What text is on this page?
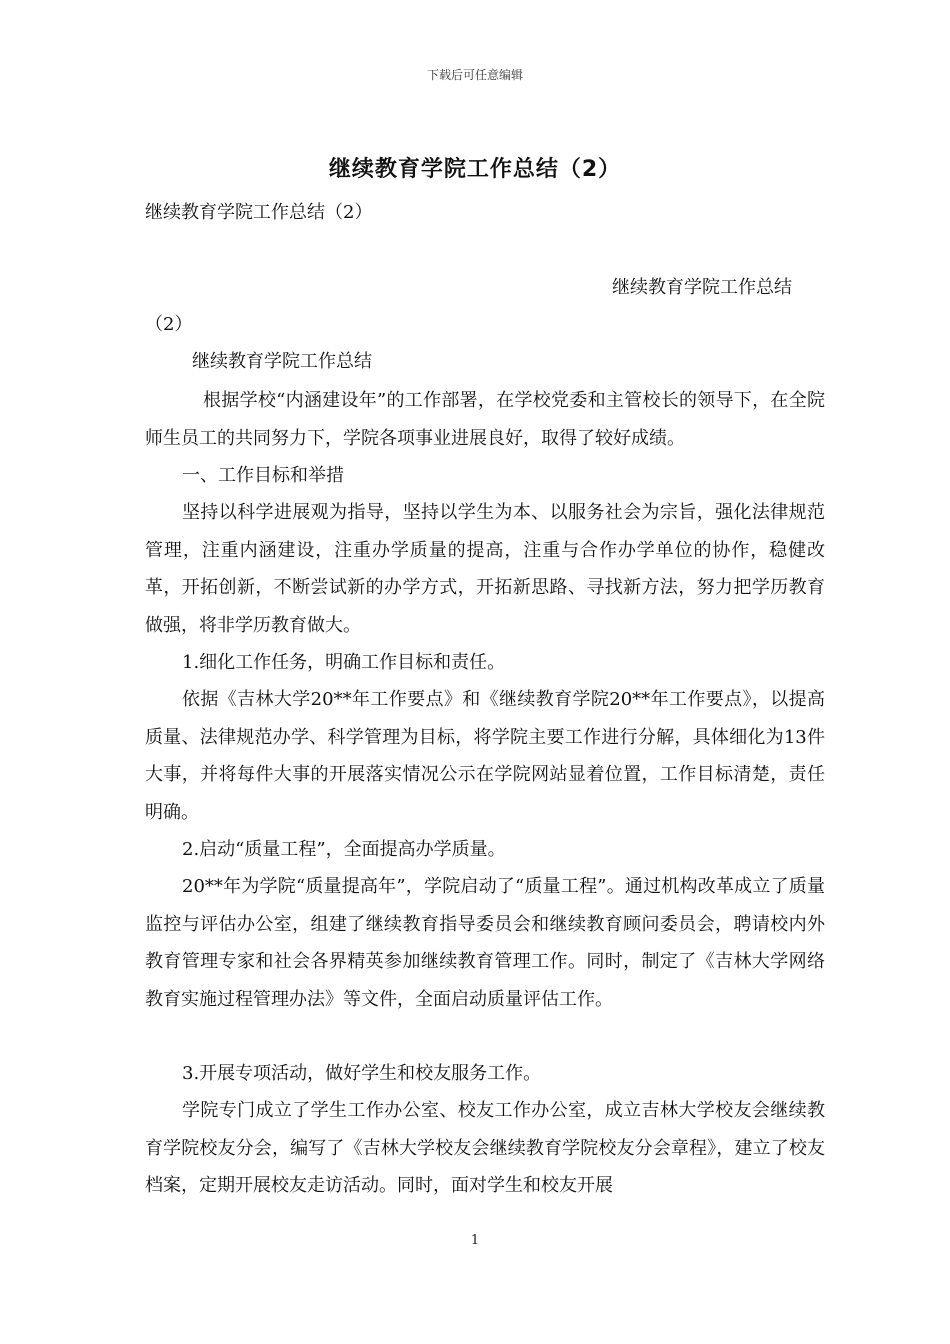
下载后可任意编辑
继续教育学院工作总结（2）
继续教育学院工作总结（2）
继续教育学院工作总结
（2）
继续教育学院工作总结

根据学校“内涵建设年”的工作部署，在学校党委和主管校长的领导下，在全院师生员工的共同努力下，学院各项事业进展良好，取得了较好成绩。

一、工作目标和举措

坚持以科学进展观为指导，坚持以学生为本、以服务社会为宗旨，强化法律规范管理，注重内涵建设，注重办学质量的提高，注重与合作办学单位的协作，稳健改革，开拓创新，不断尝试新的办学方式，开拓新思路、寻找新方法，努力把学历教育做强，将非学历教育做大。

1.细化工作任务，明确工作目标和责任。

依据《吉林大学20**年工作要点》和《继续教育学院20**年工作要点》，以提高质量、法律规范办学、科学管理为目标，将学院主要工作进行分解，具体细化为13件大事，并将每件大事的开展落实情况公示在学院网站显着位置，工作目标清楚，责任明确。

2.启动“质量工程”，全面提高办学质量。

20**年为学院“质量提高年”，学院启动了“质量工程”。通过机构改革成立了质量监控与评估办公室，组建了继续教育指导委员会和继续教育顾问委员会，聘请校内外教育管理专家和社会各界精英参加继续教育管理工作。同时，制定了《吉林大学网络教育实施过程管理办法》等文件，全面启动质量评估工作。

3.开展专项活动，做好学生和校友服务工作。

学院专门成立了学生工作办公室、校友工作办公室，成立吉林大学校友会继续教育学院校友分会，编写了《吉林大学校友会继续教育学院校友分会章程》，建立了校友档案，定期开展校友走访活动。同时，面对学生和校友开展

1
